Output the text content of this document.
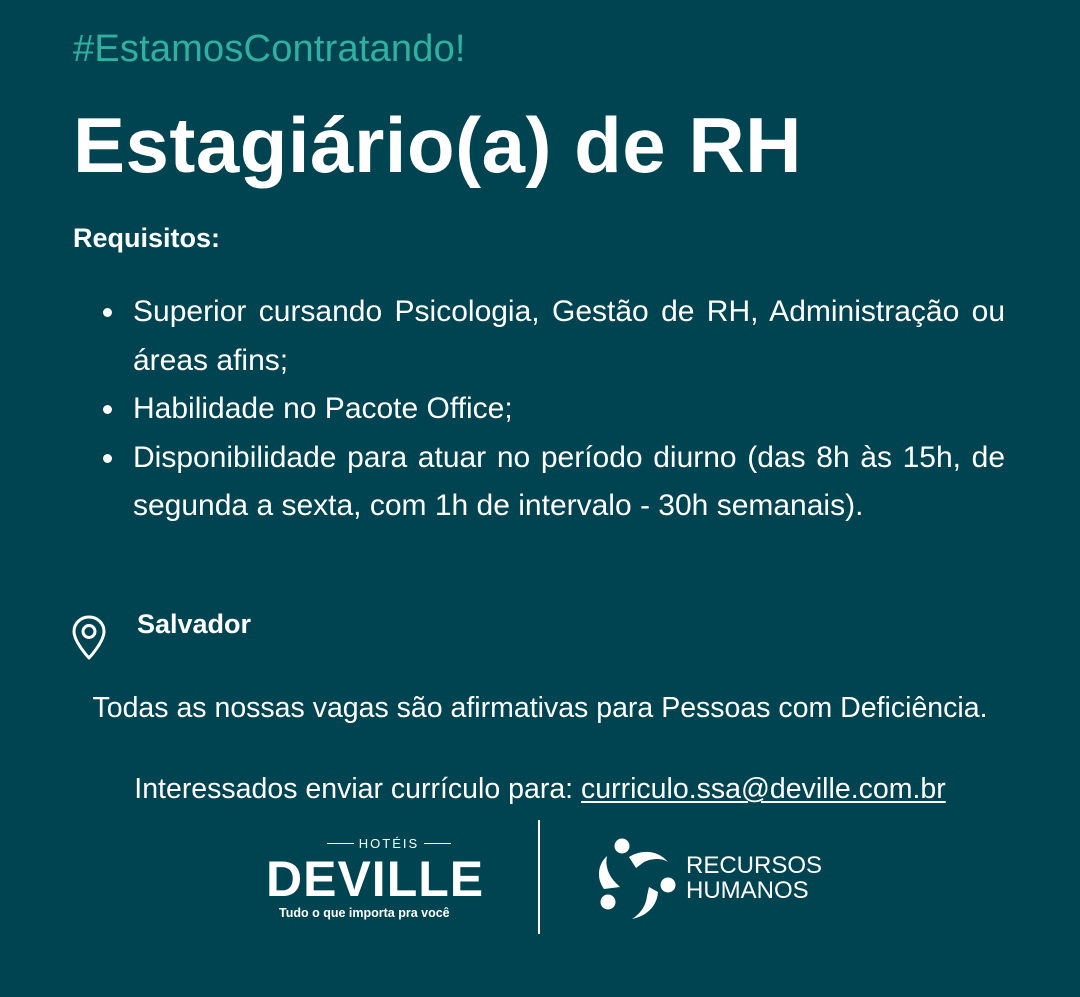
#EstamosContratando!
Estagiário(a) de RH
Requisitos:
Superior cursando Psicologia, Gestão de RH, Administração ou áreas afins;
Habilidade no Pacote Office;
Disponibilidade para atuar no período diurno (das 8h às 15h, de segunda a sexta, com 1h de intervalo - 30h semanais).
Salvador
Todas as nossas vagas são afirmativas para Pessoas com Deficiência.
Interessados enviar currículo para: curriculo.ssa@deville.com.br
HOTÉIS
DEVILLE
Tudo o que importa pra você
RECURSOS
HUMANOS
